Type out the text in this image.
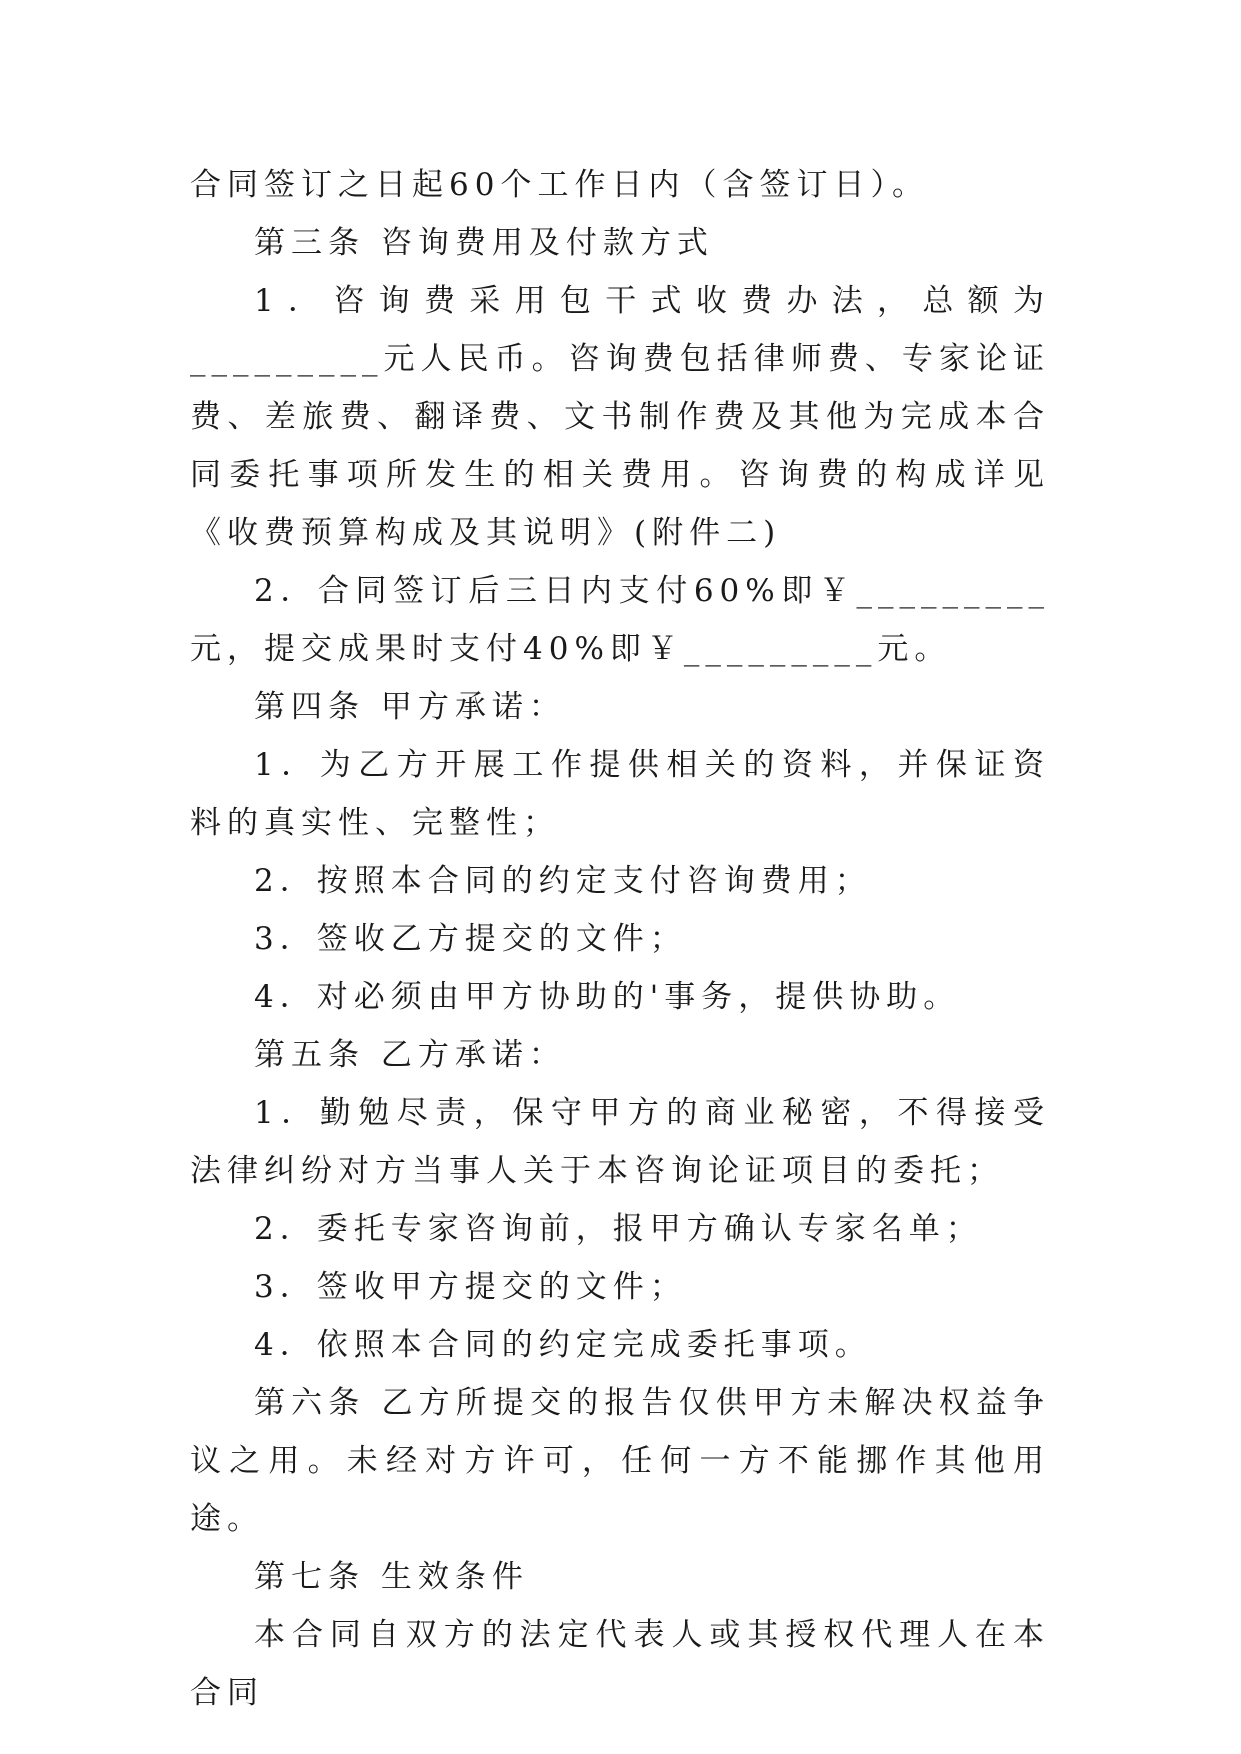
合同签订之日起60个工作日内（含签订日）。

第三条 咨询费用及付款方式

1．咨询费采用包干式收费办法，总额为_________元人民币。咨询费包括律师费、专家论证费、差旅费、翻译费、文书制作费及其他为完成本合同委托事项所发生的相关费用。咨询费的构成详见《收费预算构成及其说明》(附件二)

2．合同签订后三日内支付60%即￥_________元，提交成果时支付40%即￥_________元。

第四条 甲方承诺：

1．为乙方开展工作提供相关的资料，并保证资料的真实性、完整性；

2．按照本合同的约定支付咨询费用；

3．签收乙方提交的文件；

4．对必须由甲方协助的'事务，提供协助。

第五条 乙方承诺：

1．勤勉尽责，保守甲方的商业秘密，不得接受法律纠纷对方当事人关于本咨询论证项目的委托；

2．委托专家咨询前，报甲方确认专家名单；

3．签收甲方提交的文件；

4．依照本合同的约定完成委托事项。

第六条 乙方所提交的报告仅供甲方未解决权益争议之用。未经对方许可，任何一方不能挪作其他用途。

第七条 生效条件

本合同自双方的法定代表人或其授权代理人在本合同
